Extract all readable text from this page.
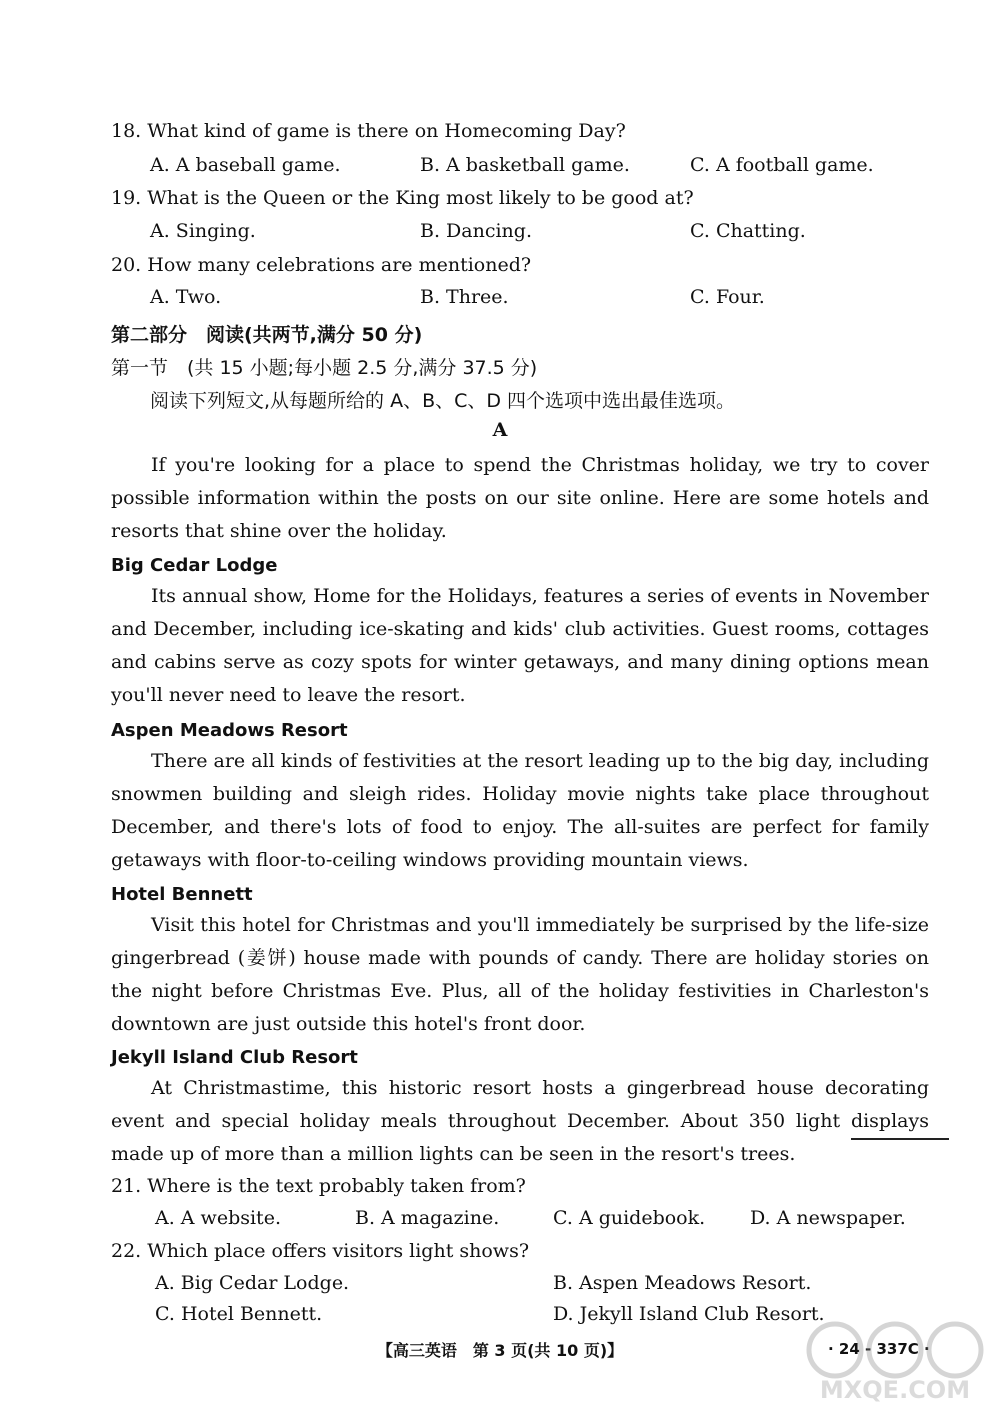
18. What kind of game is there on Homecoming Day?
A. A baseball game.	B. A basketball game.	C. A football game.
19. What is the Queen or the King most likely to be good at?
A. Singing.	B. Dancing.	C. Chatting.
20. How many celebrations are mentioned?
A. Two.	B. Three.	C. Four.
第二部分　阅读(共两节,满分 50 分)
第一节　(共 15 小题;每小题 2.5 分,满分 37.5 分)
阅读下列短文,从每题所给的 A、B、C、D 四个选项中选出最佳选项。
A
If you're looking for a place to spend the Christmas holiday, we try to cover possible information within the posts on our site online. Here are some hotels and resorts that shine over the holiday.
Big Cedar Lodge
Its annual show, Home for the Holidays, features a series of events in November and December, including ice-skating and kids' club activities. Guest rooms, cottages and cabins serve as cozy spots for winter getaways, and many dining options mean you'll never need to leave the resort.
Aspen Meadows Resort
There are all kinds of festivities at the resort leading up to the big day, including snowmen building and sleigh rides. Holiday movie nights take place throughout December, and there's lots of food to enjoy. The all-suites are perfect for family getaways with floor-to-ceiling windows providing mountain views.
Hotel Bennett
Visit this hotel for Christmas and you'll immediately be surprised by the life-size gingerbread (姜饼) house made with pounds of candy. There are holiday stories on the night before Christmas Eve. Plus, all of the holiday festivities in Charleston's downtown are just outside this hotel's front door.
Jekyll Island Club Resort
At Christmastime, this historic resort hosts a gingerbread house decorating event and special holiday meals throughout December. About 350 light displays made up of more than a million lights can be seen in the resort's trees.
21. Where is the text probably taken from?
A. A website.	B. A magazine.	C. A guidebook. D. A newspaper.
22. Which place offers visitors light shows?
A. Big Cedar Lodge.	B. Aspen Meadows Resort.
C. Hotel Bennett.	D. Jekyll Island Club Resort.
【高三英语　第 3 页(共 10 页)】	· 24 - 337C ·
MXQE.COM
